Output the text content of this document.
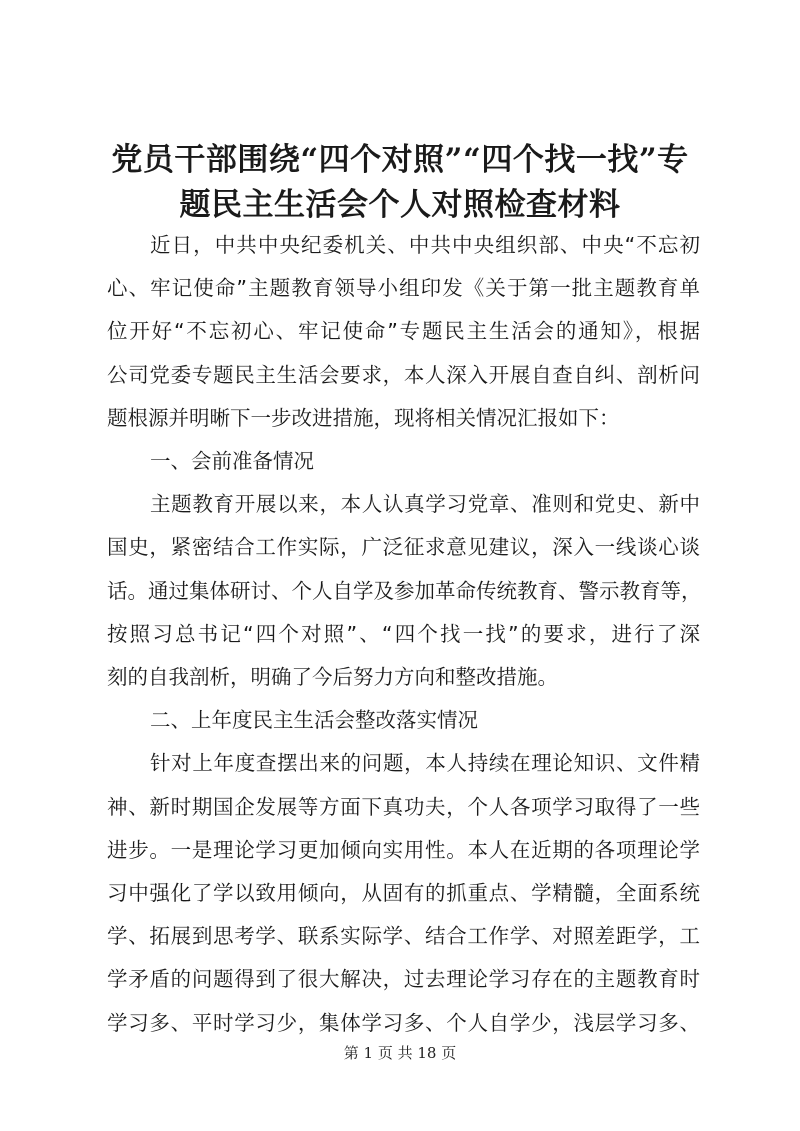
党员干部围绕“四个对照”“四个找一找”专
题民主生活会个人对照检查材料
近日，中共中央纪委机关、中共中央组织部、中央“不忘初
心、牢记使命”主题教育领导小组印发《关于第一批主题教育单
位开好“不忘初心、牢记使命”专题民主生活会的通知》，根据
公司党委专题民主生活会要求，本人深入开展自查自纠、剖析问
题根源并明晰下一步改进措施，现将相关情况汇报如下：
一、会前准备情况
主题教育开展以来，本人认真学习党章、准则和党史、新中
国史，紧密结合工作实际，广泛征求意见建议，深入一线谈心谈
话。通过集体研讨、个人自学及参加革命传统教育、警示教育等，
按照习总书记“四个对照”、“四个找一找”的要求，进行了深
刻的自我剖析，明确了今后努力方向和整改措施。
二、上年度民主生活会整改落实情况
针对上年度查摆出来的问题，本人持续在理论知识、文件精
神、新时期国企发展等方面下真功夫，个人各项学习取得了一些
进步。一是理论学习更加倾向实用性。本人在近期的各项理论学
习中强化了学以致用倾向，从固有的抓重点、学精髓，全面系统
学、拓展到思考学、联系实际学、结合工作学、对照差距学，工
学矛盾的问题得到了很大解决，过去理论学习存在的主题教育时
第 1 页 共 18 页
学习多、平时学习少，集体学习多、个人自学少，浅层学习多、
